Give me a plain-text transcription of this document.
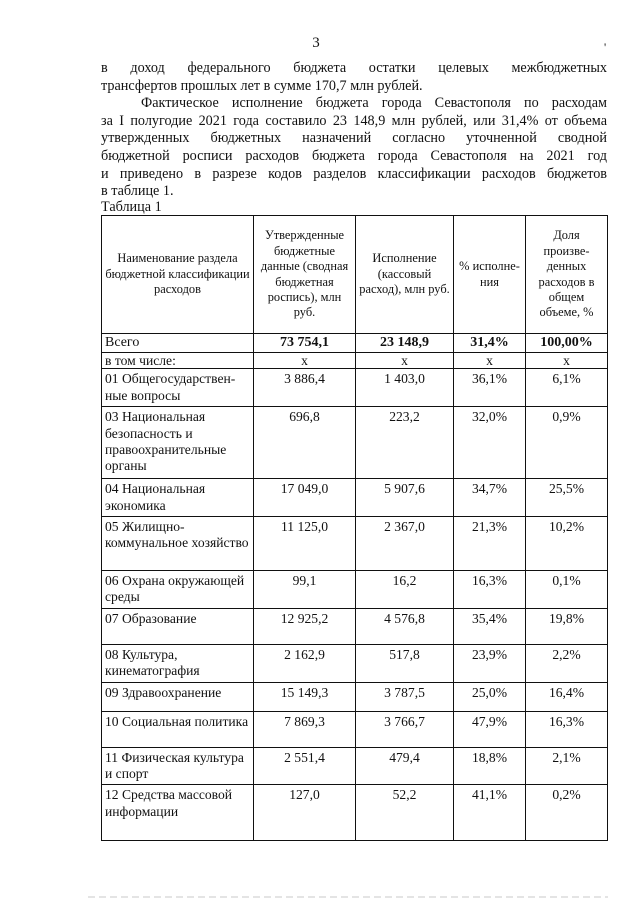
3	'
в доход федерального бюджета остатки целевых межбюджетных
трансфертов прошлых лет в сумме 170,7 млн рублей.
Фактическое исполнение бюджета города Севастополя по расходам
за I полугодие 2021 года составило 23 148,9 млн рублей, или 31,4% от объема
утвержденных бюджетных назначений согласно уточненной сводной
бюджетной росписи расходов бюджета города Севастополя на 2021 год
и приведено в разрезе кодов разделов классификации расходов бюджетов
в таблице 1.
Таблица 1
Наименование раздела бюджетной классификации расходов	Утвержденные бюджетные данные (сводная бюджетная роспись), млн руб.	Исполнение (кассовый расход), млн руб.	% исполне-ния	Доля произве-денных расходов в общем объеме, %
Всего	73 754,1	23 148,9	31,4%	100,00%
в том числе:	х	х	х	х
01 Общегосударствен-ные вопросы	3 886,4	1 403,0	36,1%	6,1%
03 Национальная безопасность и правоохранительные органы	696,8	223,2	32,0%	0,9%
04 Национальная экономика	17 049,0	5 907,6	34,7%	25,5%
05 Жилищно-коммунальное хозяйство	11 125,0	2 367,0	21,3%	10,2%
06 Охрана окружающей среды	99,1	16,2	16,3%	0,1%
07 Образование	12 925,2	4 576,8	35,4%	19,8%
08 Культура, кинематография	2 162,9	517,8	23,9%	2,2%
09 Здравоохранение	15 149,3	3 787,5	25,0%	16,4%
10 Социальная политика	7 869,3	3 766,7	47,9%	16,3%
11 Физическая культура и спорт	2 551,4	479,4	18,8%	2,1%
12 Средства массовой информации	127,0	52,2	41,1%	0,2%
